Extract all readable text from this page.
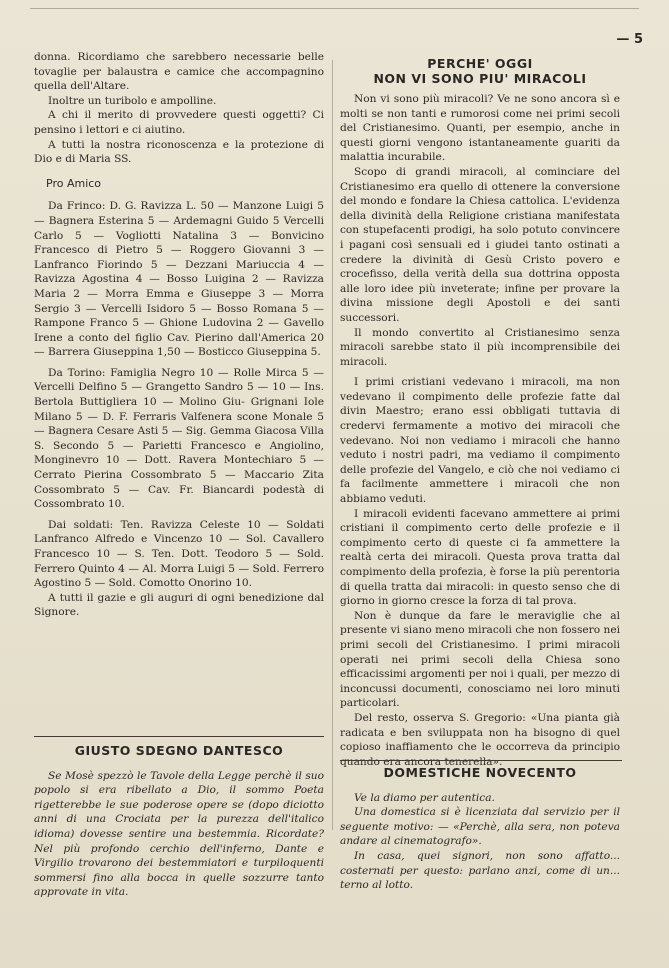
— 5

donna. Ricordiamo che sarebbero necessarie belle tovaglie per balaustra e camice che accompagnino quella dell'Altare.

Inoltre un turibolo e ampolline.

A chi il merito di provvedere questi oggetti? Ci pensino i lettori e ci aiutino.

A tutti la nostra riconoscenza e la protezione di Dio e di Maria SS.

Pro Amico

Da Frinco: D. G. Ravizza L. 50 — Manzone Luigi 5 — Bagnera Esterina 5 — Ardemagni Guido 5 Vercelli Carlo 5 — Vogliotti Natalina 3 — Bonvicino Francesco di Pietro 5 — Roggero Giovanni 3 — Lanfranco Fiorindo 5 — Dezzani Mariuccia 4 — Ravizza Agostina 4 — Bosso Luigina 2 — Ravizza Maria 2 — Morra Emma e Giuseppe 3 — Morra Sergio 3 — Vercelli Isidoro 5 — Bosso Romana 5 — Rampone Franco 5 — Ghione Ludovina 2 — Gavello Irene a conto del figlio Cav. Pierino dall'America 20 — Barrera Giuseppina 1,50 — Bosticco Giuseppina 5.

Da Torino: Famiglia Negro 10 — Rolle Mirca 5 — Vercelli Delfino 5 — Grangetto Sandro 5 — 10 — Ins. Bertola Buttigliera 10 — Molino Giu- Grignani Iole Milano 5 — D. F. Ferraris Valfenera scone Monale 5 — Bagnera Cesare Asti 5 — Sig. Gemma Giacosa Villa S. Secondo 5 — Parietti Francesco e Angiolino, Monginevro 10 — Dott. Ravera Montechiaro 5 — Cerrato Pierina Cossombrato 5 — Maccario Zita Cossombrato 5 — Cav. Fr. Biancardi podestà di Cossombrato 10.

Dai soldati: Ten. Ravizza Celeste 10 — Soldati Lanfranco Alfredo e Vincenzo 10 — Sol. Cavallero Francesco 10 — S. Ten. Dott. Teodoro 5 — Sold. Ferrero Quinto 4 — Al. Morra Luigi 5 — Sold. Ferrero Agostino 5 — Sold. Comotto Onorino 10.

A tutti il gazie e gli auguri di ogni benedizione dal Signore.

PERCHE' OGGI
NON VI SONO PIU' MIRACOLI

Non vi sono più miracoli? Ve ne sono ancora sì e molti se non tanti e rumorosi come nei primi secoli del Cristianesimo. Quanti, per esempio, anche in questi giorni vengono istantaneamente guariti da malattia incurabile.

Scopo di grandi miracoli, al cominciare del Cristianesimo era quello di ottenere la conversione del mondo e fondare la Chiesa cattolica. L'evidenza della divinità della Religione cristiana manifestata con stupefacenti prodigi, ha solo potuto convincere i pagani così sensuali ed i giudei tanto ostinati a credere la divinità di Gesù Cristo povero e crocefisso, della verità della sua dottrina opposta alle loro idee più inveterate; infine per provare la divina missione degli Apostoli e dei santi successori.

Il mondo convertito al Cristianesimo senza miracoli sarebbe stato il più incomprensibile dei miracoli.

I primi cristiani vedevano i miracoli, ma non vedevano il compimento delle profezie fatte dal divin Maestro; erano essi obbligati tuttavia di credervi fermamente a motivo dei miracoli che vedevano. Noi non vediamo i miracoli che hanno veduto i nostri padri, ma vediamo il compimento delle profezie del Vangelo, e ciò che noi vediamo ci fa facilmente ammettere i miracoli che non abbiamo veduti.

I miracoli evidenti facevano ammettere ai primi cristiani il compimento certo delle profezie e il compimento certo di queste ci fa ammettere la realtà certa dei miracoli. Questa prova tratta dal compimento della profezia, è forse la più perentoria di quella tratta dai miracoli: in questo senso che di giorno in giorno cresce la forza di tal prova.

Non è dunque da fare le meraviglie che al presente vi siano meno miracoli che non fossero nei primi secoli del Cristianesimo. I primi miracoli operati nei primi secoli della Chiesa sono efficacissimi argomenti per noi i quali, per mezzo di inconcussi documenti, conosciamo nei loro minuti particolari.

Del resto, osserva S. Gregorio: «Una pianta già radicata e ben sviluppata non ha bisogno di quel copioso inaffiamento che le occorreva da principio quando era ancora tenerella».

GIUSTO SDEGNO DANTESCO

Se Mosè spezzò le Tavole della Legge perchè il suo popolo si era ribellato a Dio, il sommo Poeta rigetterebbe le sue poderose opere se (dopo diciotto anni di una Crociata per la purezza dell'italico idioma) dovesse sentire una bestemmia. Ricordate? Nel più profondo cerchio dell'inferno, Dante e Virgilio trovarono dei bestemmiatori e turpiloquenti sommersi fino alla bocca in quelle sozzurre tanto approvate in vita.

DOMESTICHE NOVECENTO

Ve la diamo per autentica.

Una domestica si è licenziata dal servizio per il seguente motivo: — «Perchè, alla sera, non poteva andare al cinematografo».

In casa, quei signori, non sono affatto... costernati per questo: parlano anzi, come di un... terno al lotto.
